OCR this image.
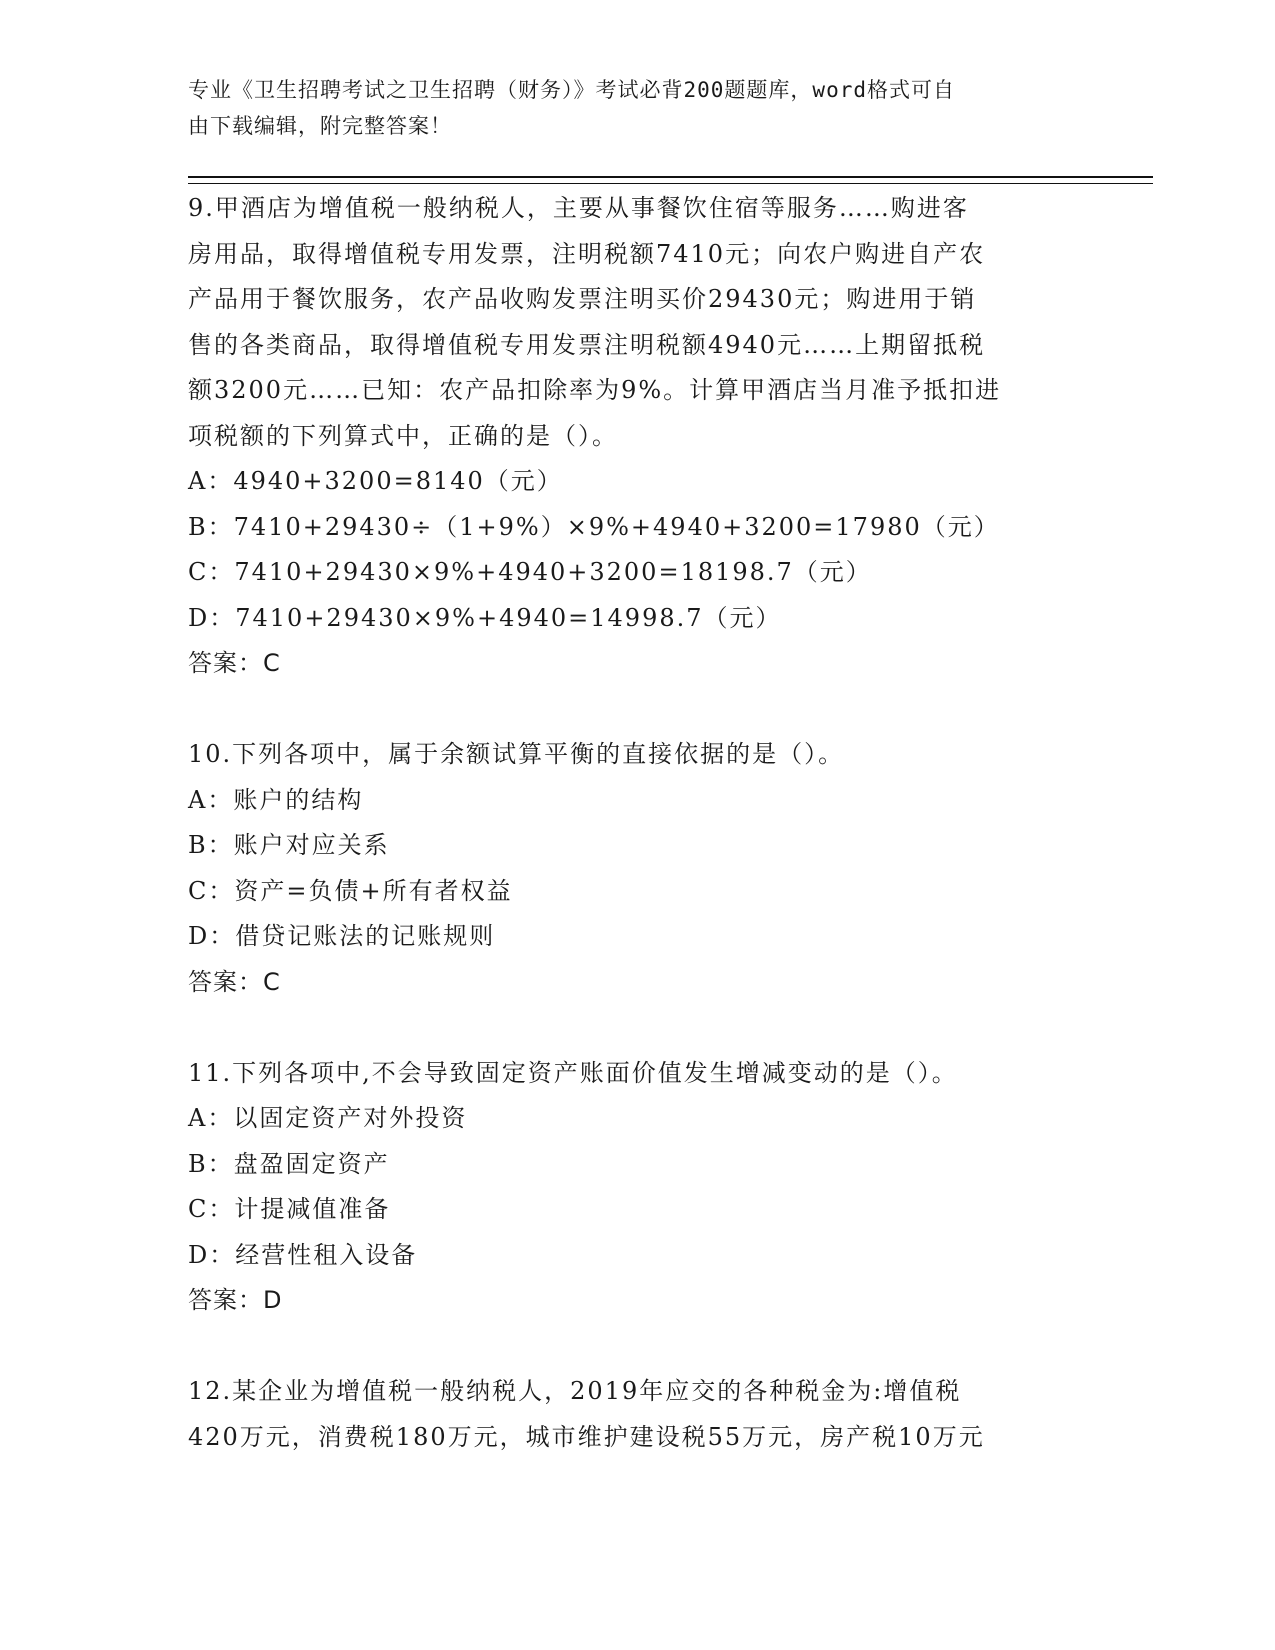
专业《卫生招聘考试之卫生招聘（财务）》考试必背200题题库，word格式可自
由下载编辑，附完整答案！

9.甲酒店为增值税一般纳税人，主要从事餐饮住宿等服务……购进客

房用品，取得增值税专用发票，注明税额7410元；向农户购进自产农

产品用于餐饮服务，农产品收购发票注明买价29430元；购进用于销

售的各类商品，取得增值税专用发票注明税额4940元……上期留抵税

额3200元……已知：农产品扣除率为9%。计算甲酒店当月准予抵扣进

项税额的下列算式中，正确的是（）。

A：4940+3200=8140（元）

B：7410+29430÷（1+9%）×9%+4940+3200=17980（元）

C：7410+29430×9%+4940+3200=18198.7（元）

D：7410+29430×9%+4940=14998.7（元）

答案：C

10.下列各项中，属于余额试算平衡的直接依据的是（）。

A：账户的结构

B：账户对应关系

C：资产=负债+所有者权益

D：借贷记账法的记账规则

答案：C

11.下列各项中,不会导致固定资产账面价值发生增减变动的是（）。

A：以固定资产对外投资

B：盘盈固定资产

C：计提减值准备

D：经营性租入设备

答案：D

12.某企业为增值税一般纳税人，2019年应交的各种税金为:增值税

420万元，消费税180万元，城市维护建设税55万元，房产税10万元
